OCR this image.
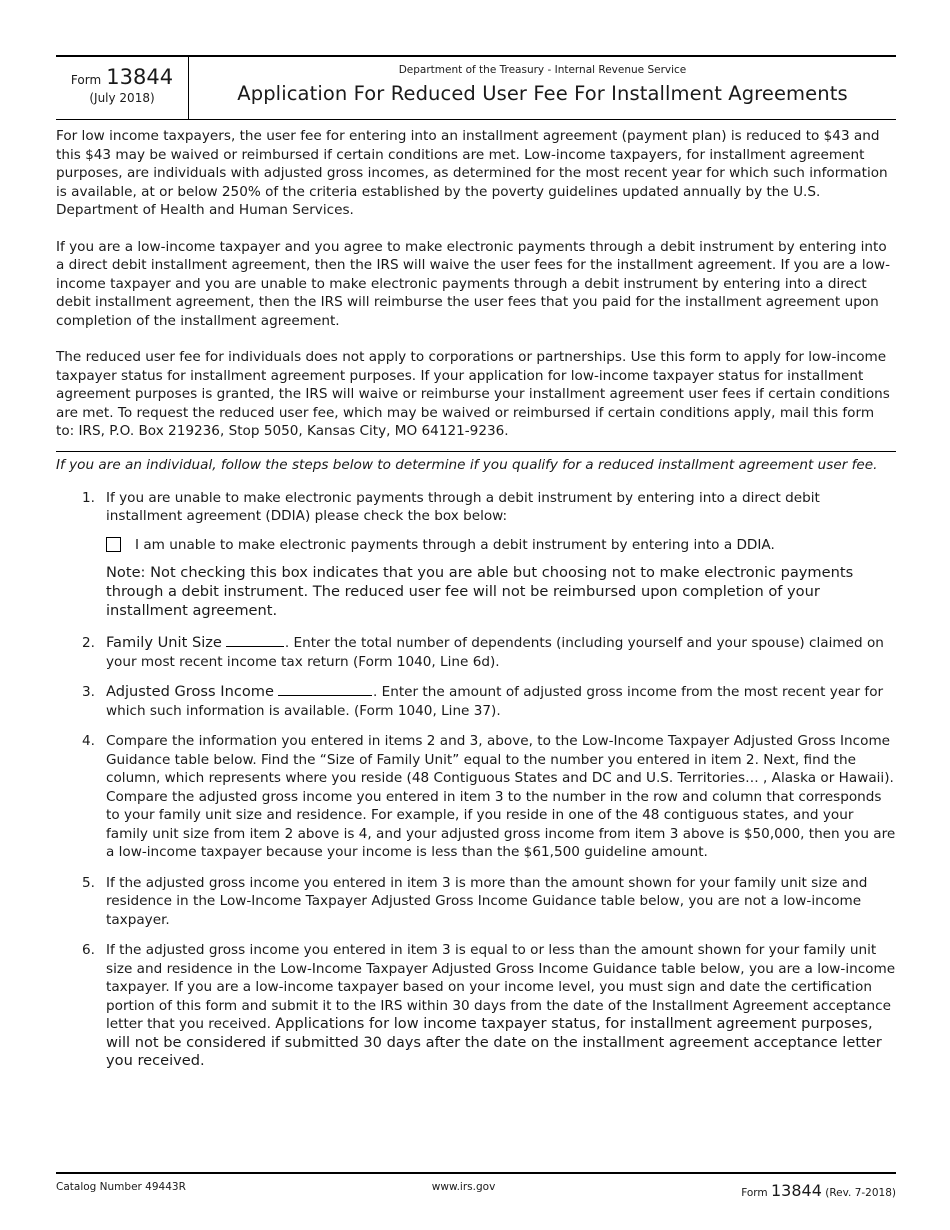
Form 13844
(July 2018)
Department of the Treasury - Internal Revenue Service
Application For Reduced User Fee For Installment Agreements

For low income taxpayers, the user fee for entering into an installment agreement (payment plan) is reduced to $43 and this $43 may be waived or reimbursed if certain conditions are met. Low-income taxpayers, for installment agreement purposes, are individuals with adjusted gross incomes, as determined for the most recent year for which such information is available, at or below 250% of the criteria established by the poverty guidelines updated annually by the U.S. Department of Health and Human Services.

If you are a low-income taxpayer and you agree to make electronic payments through a debit instrument by entering into a direct debit installment agreement, then the IRS will waive the user fees for the installment agreement. If you are a low-income taxpayer and you are unable to make electronic payments through a debit instrument by entering into a direct debit installment agreement, then the IRS will reimburse the user fees that you paid for the installment agreement upon completion of the installment agreement.

The reduced user fee for individuals does not apply to corporations or partnerships. Use this form to apply for low-income taxpayer status for installment agreement purposes. If your application for low-income taxpayer status for installment agreement purposes is granted, the IRS will waive or reimburse your installment agreement user fees if certain conditions are met. To request the reduced user fee, which may be waived or reimbursed if certain conditions apply, mail this form to: IRS, P.O. Box 219236, Stop 5050, Kansas City, MO 64121-9236.

If you are an individual, follow the steps below to determine if you qualify for a reduced installment agreement user fee.
1. If you are unable to make electronic payments through a debit instrument by entering into a direct debit installment agreement (DDIA) please check the box below:
I am unable to make electronic payments through a debit instrument by entering into a DDIA.
Note: Not checking this box indicates that you are able but choosing not to make electronic payments through a debit instrument. The reduced user fee will not be reimbursed upon completion of your installment agreement.
2. Family Unit Size	. Enter the total number of dependents (including yourself and your spouse) claimed on your most recent income tax return (Form 1040, Line 6d).
3. Adjusted Gross Income	. Enter the amount of adjusted gross income from the most recent year for which such information is available. (Form 1040, Line 37).
4. Compare the information you entered in items 2 and 3, above, to the Low-Income Taxpayer Adjusted Gross Income Guidance table below. Find the “Size of Family Unit” equal to the number you entered in item 2. Next, find the column, which represents where you reside (48 Contiguous States and DC and U.S. Territories… , Alaska or Hawaii). Compare the adjusted gross income you entered in item 3 to the number in the row and column that corresponds to your family unit size and residence. For example, if you reside in one of the 48 contiguous states, and your family unit size from item 2 above is 4, and your adjusted gross income from item 3 above is $50,000, then you are a low-income taxpayer because your income is less than the $61,500 guideline amount.
5. If the adjusted gross income you entered in item 3 is more than the amount shown for your family unit size and residence in the Low-Income Taxpayer Adjusted Gross Income Guidance table below, you are not a low-income taxpayer.
6. If the adjusted gross income you entered in item 3 is equal to or less than the amount shown for your family unit size and residence in the Low-Income Taxpayer Adjusted Gross Income Guidance table below, you are a low-income taxpayer. If you are a low-income taxpayer based on your income level, you must sign and date the certification portion of this form and submit it to the IRS within 30 days from the date of the Installment Agreement acceptance letter that you received. Applications for low income taxpayer status, for installment agreement purposes, will not be considered if submitted 30 days after the date on the installment agreement acceptance letter you received.
Catalog Number 49443R	www.irs.gov	Form 13844 (Rev. 7-2018)
